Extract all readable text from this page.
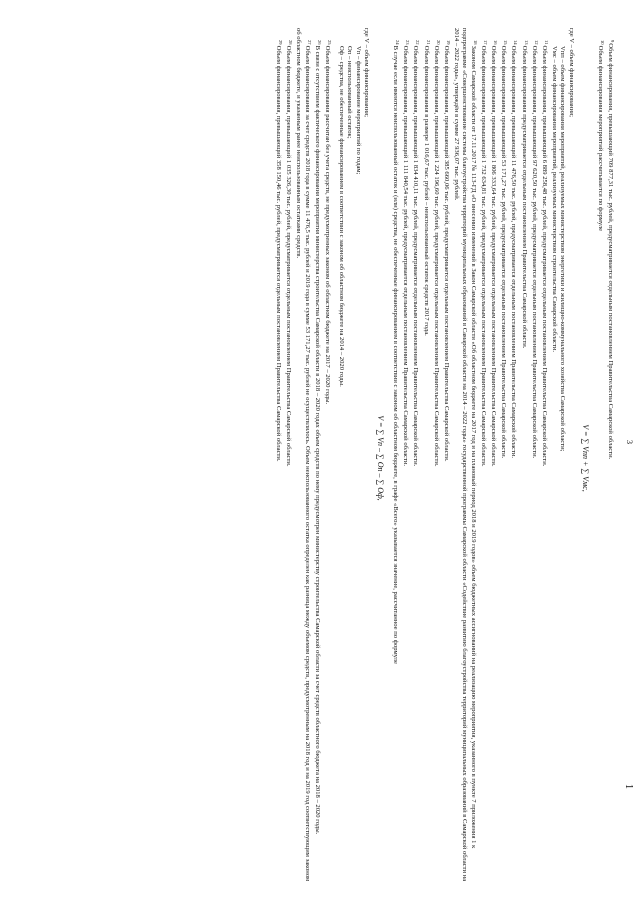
3
1

$^9$Объем финансирования, превышающий 709 877,31 тыс. рублей, предусматривается отдельным постановлением Правительства Самарской области.

$^{10}$Объем финансирования мероприятий рассчитывается по формуле

V = ∑ Vпп + ∑ Vмс,

где V – объем финансирования;

Vпп – объем финансирования мероприятий, реализуемых министерством энергетики и жилищно-коммунального хозяйства Самарской области;

Vмс – объем финансирования мероприятий, реализуемых министерством строительства Самарской области.

$^{11}$Объем финансирования, превышающий 6 889 258,48 тыс. рублей, предусматривается отдельным постановлением Правительства Самарской области.

$^{12}$Объем финансирования, превышающий 97 620,50 тыс. рублей, предусматривается отдельным постановлением Правительства Самарской области.

$^{13}$Объем финансирования предусматривается отдельным постановлением Правительства Самарской области.

$^{14}$Объем финансирования, превышающий 11 476,50 тыс. рублей, предусматривается отдельным постановлением Правительства Самарской области.

$^{15}$Объем финансирования, превышающий 53 171,27 тыс. рублей, предусматривается отдельным постановлением Правительства Самарской области.

$^{16}$Объем финансирования, превышающий 1 806 333,64 тыс. рублей, предусматривается отдельным постановлением Правительства Самарской области.

$^{17}$Объем финансирования, превышающий 1 732 634,81 тыс. рублей, предусматривается отдельным постановлением Правительства Самарской области.

$^{18}$Законом Самарской области от 17.11.2017 № 113-ГД «О внесении изменений в Закон Самарской области «Об областном бюджете на 2017 год и на плановый период 2018 и 2019 годов» объем бюджетных ассигнований на реализацию мероприятия, указанного в пункте 7 приложения 1 к подпрограмме «Совершенствование системы благоустройства территорий муниципальных образований в Самарской области на 2014 – 2022 годы» государственной программы Самарской области «Содействие развитию благоустройства территорий муниципальных образований в Самарской области на 2014 – 2022 годы», утверждён в сумме 27 936,07 тыс. рублей.

$^{19}$Объем финансирования, превышающий 385 660,06 тыс. рублей, предусматривается отдельным постановлением Правительства Самарской области.

$^{20}$Объем финансирования, превышающий 1 224 196,60 тыс. рублей, предусматривается отдельным постановлением Правительства Самарской области.

$^{21}$Объем финансирования в размере 1 016,67 тыс. рублей – неиспользованный остаток средств 2017 года.

$^{22}$Объем финансирования, превышающий 1 834 410,11 тыс. рублей, предусматривается отдельным постановлением Правительства Самарской области.

$^{23}$Объем финансирования, превышающий 1 111 840,54 тыс. рублей, предусматривается отдельным постановлением Правительства Самарской области.

$^{24}$В случае если имеются неиспользованный остаток и (или) средства, не обеспеченные финансированием в соответствии с законом об областном бюджете, в графе «Всего» указывается значение, рассчитанное по формуле

V = ∑ Vп – ∑ Оп – ∑ Оф,

где V – объем финансирования;

Vп – финансирование мероприятий по годам;

Оп – неиспользованный остаток;

Оф – средства, не обеспеченные финансированием в соответствии с законом об областном бюджете на 2014 – 2020 годы.

$^{25}$Объем финансирования рассчитан без учета средств, не предусмотренных законом об областном бюджете на 2017 – 2020 годы.

$^{26}$В связи с отсутствием фактического финансирования мероприятия министерства строительства Самарской области в 2018 – 2020 годах объем средств по нему предусмотрен министерству строительства Самарской области за счет средств областного бюджета на 2018 – 2020 годы.

$^{27}$Объем финансирования за счет средств 2018 года в сумме 11 476,5 тыс. рублей и 2019 года в сумме 53 171,27 тыс. рублей не осуществлялось. Объем неиспользованного остатка определен как разница между объемом средств, предусмотренным на 2018 год и на 2019 год соответствующим законом об областном бюджете, и указанным ранее неиспользованным остатками средств.

$^{28}$Объем финансирования, превышающий 1 035 326,30 тыс. рублей, предусматривается отдельным постановлением Правительства Самарской области.

$^{29}$Объем финансирования, превышающий 358 150,46 тыс. рублей, предусматривается отдельным постановлением Правительства Самарской области.
